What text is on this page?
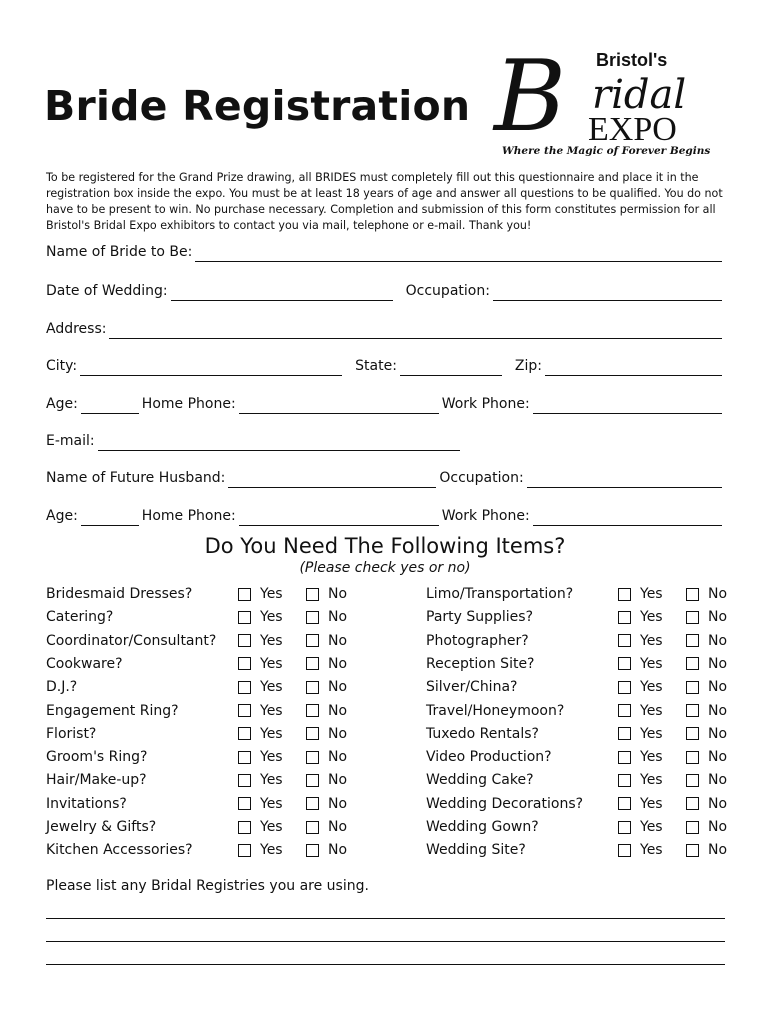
Bride Registration
Bristol's
B ridal
EXPO
Where the Magic of Forever Begins
To be registered for the Grand Prize drawing, all BRIDES must completely fill out this questionnaire and place it in the registration box inside the expo. You must be at least 18 years of age and answer all questions to be qualified. You do not have to be present to win. No purchase necessary. Completion and submission of this form constitutes permission for all Bristol's Bridal Expo exhibitors to contact you via mail, telephone or e-mail. Thank you!
Name of Bride to Be:
Date of Wedding:	Occupation:
Address:
City:	State:	Zip:
Age:	Home Phone:	Work Phone:
E-mail:
Name of Future Husband:	Occupation:
Age:	Home Phone:	Work Phone:
Do You Need The Following Items?
(Please check yes or no)
Bridesmaid Dresses?	Yes	No
Catering?	Yes	No
Coordinator/Consultant?	Yes	No
Cookware?	Yes	No
D.J.?	Yes	No
Engagement Ring?	Yes	No
Florist?	Yes	No
Groom's Ring?	Yes	No
Hair/Make-up?	Yes	No
Invitations?	Yes	No
Jewelry & Gifts?	Yes	No
Kitchen Accessories?	Yes	No
Limo/Transportation?	Yes	No
Party Supplies?	Yes	No
Photographer?	Yes	No
Reception Site?	Yes	No
Silver/China?	Yes	No
Travel/Honeymoon?	Yes	No
Tuxedo Rentals?	Yes	No
Video Production?	Yes	No
Wedding Cake?	Yes	No
Wedding Decorations?	Yes	No
Wedding Gown?	Yes	No
Wedding Site?	Yes	No
Please list any Bridal Registries you are using.
